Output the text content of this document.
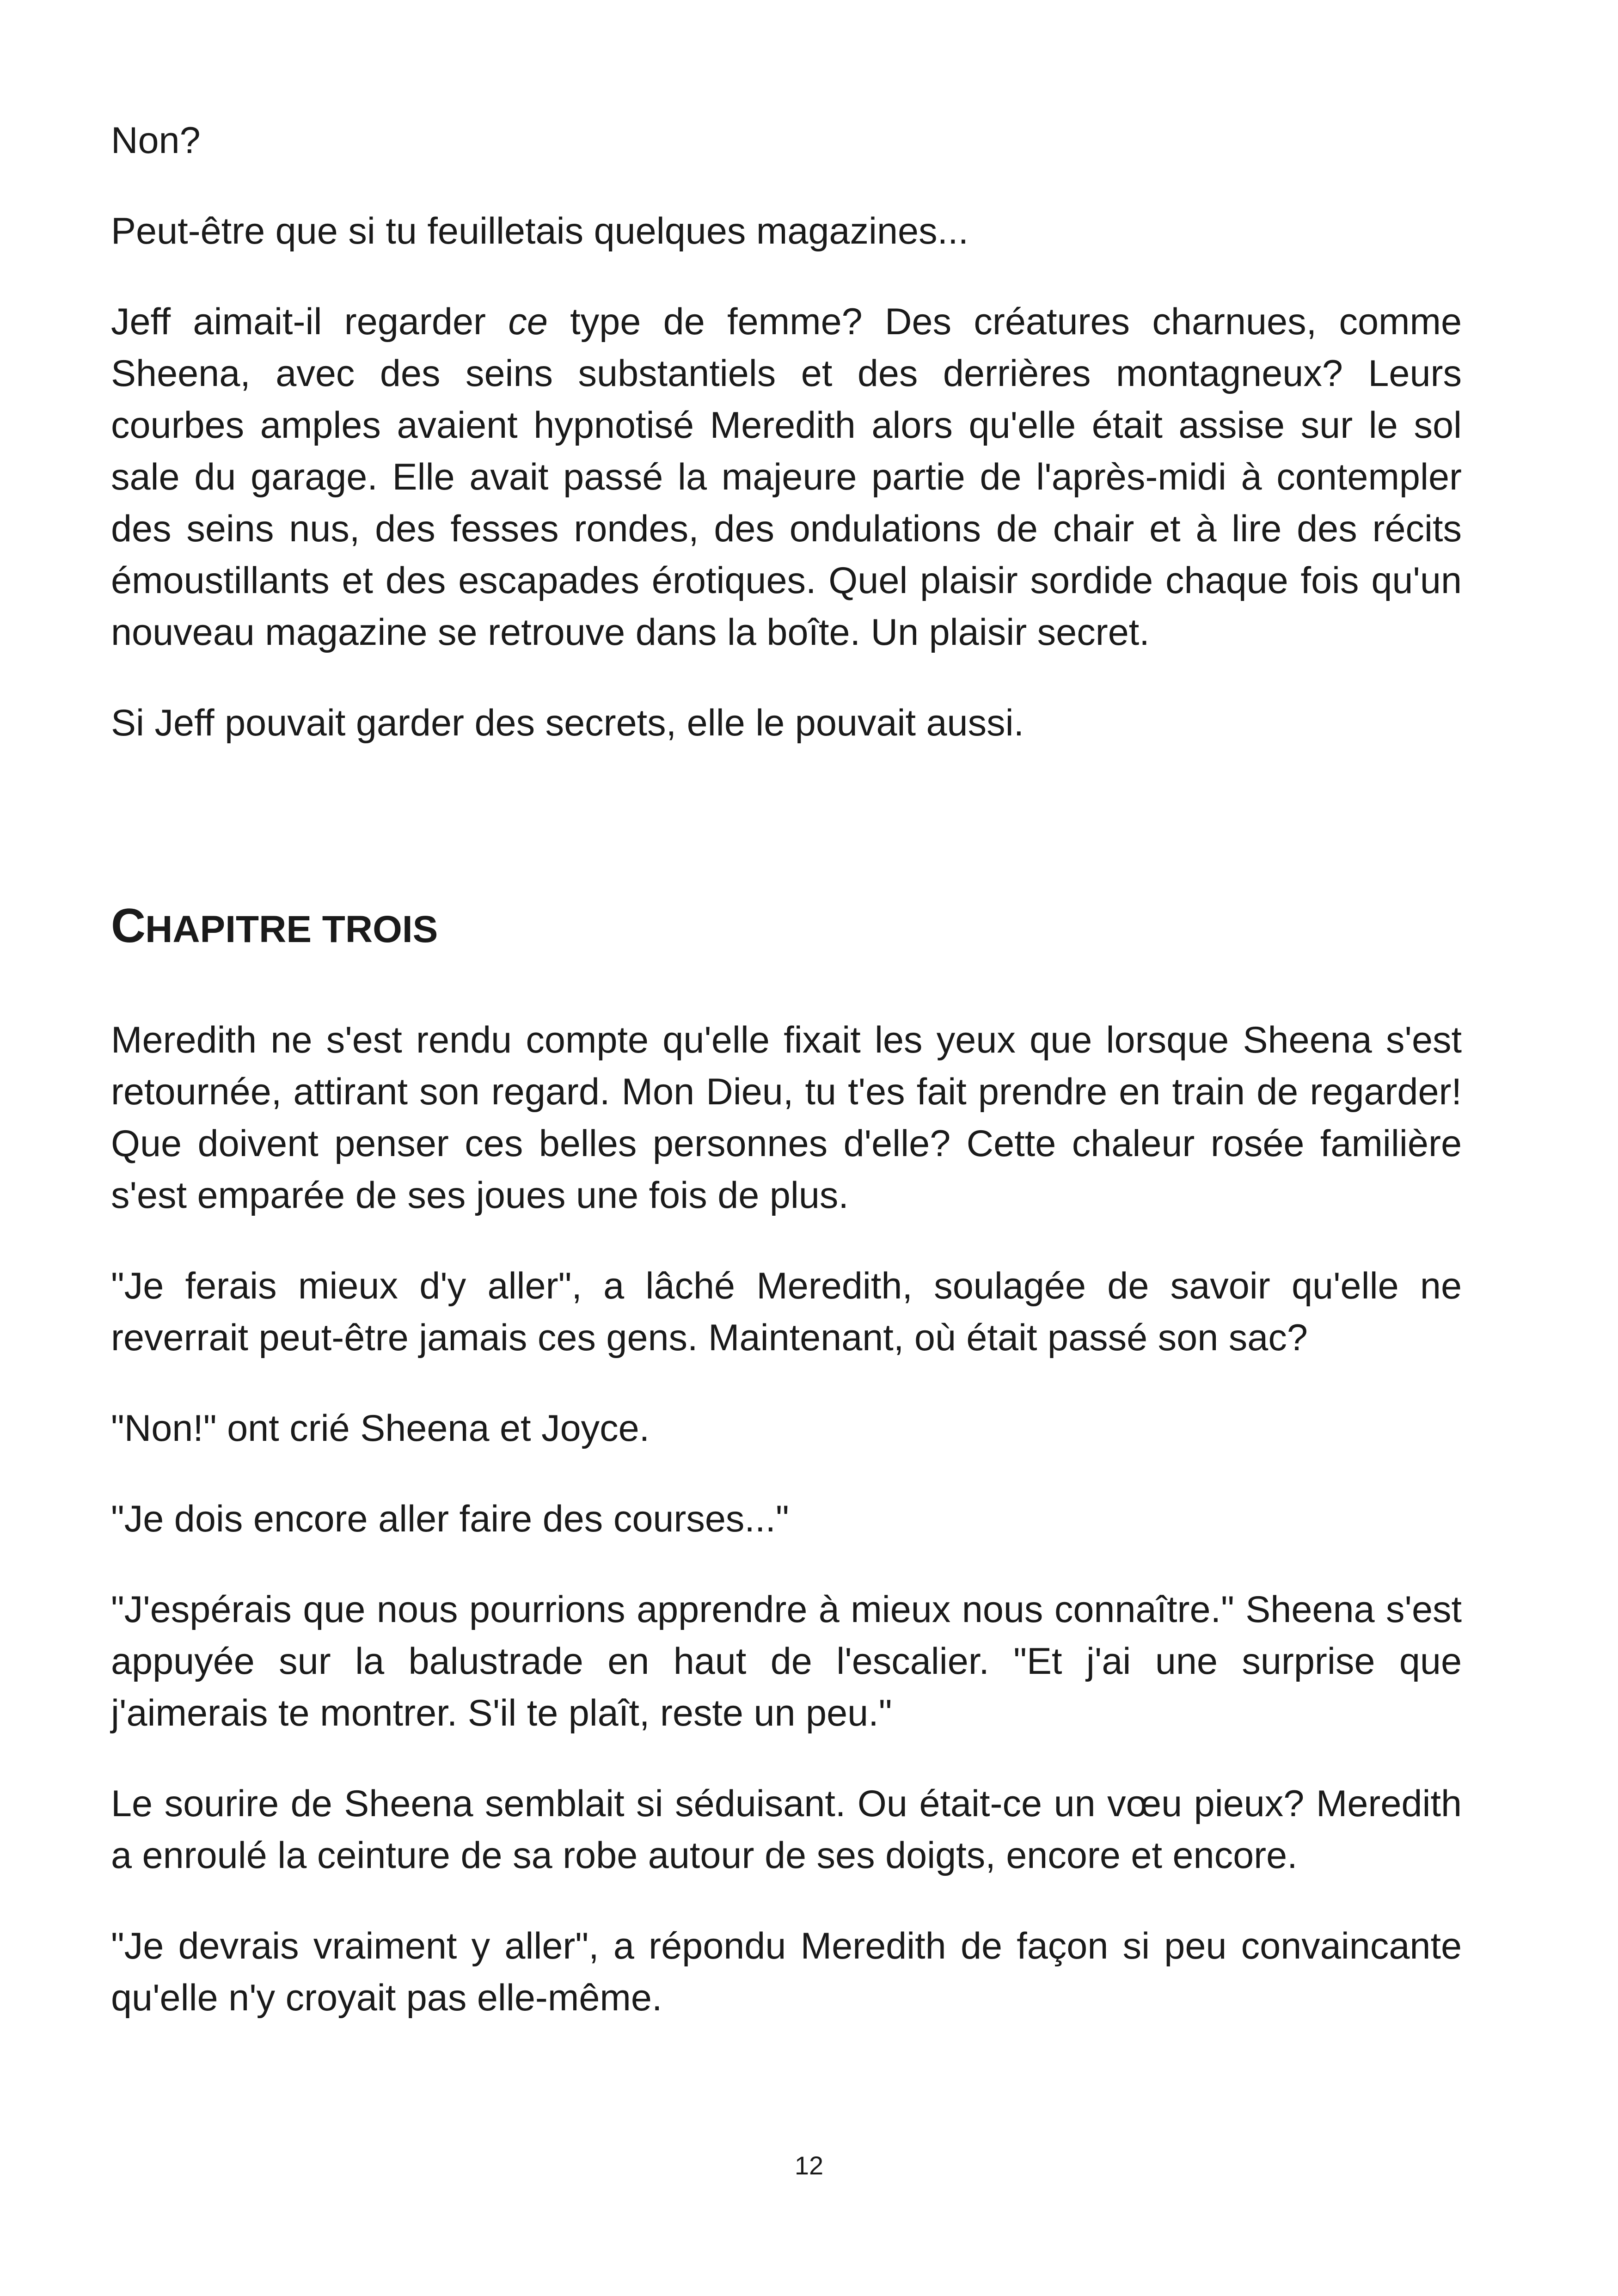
Non?

Peut-être que si tu feuilletais quelques magazines...

Jeff aimait-il regarder ce type de femme? Des créatures charnues, comme Sheena, avec des seins substantiels et des derrières montagneux? Leurs courbes amples avaient hypnotisé Meredith alors qu'elle était assise sur le sol sale du garage. Elle avait passé la majeure partie de l'après-midi à contempler des seins nus, des fesses rondes, des ondulations de chair et à lire des récits émoustillants et des escapades érotiques. Quel plaisir sordide chaque fois qu'un nouveau magazine se retrouve dans la boîte. Un plaisir secret.

Si Jeff pouvait garder des secrets, elle le pouvait aussi.

CHAPITRE TROIS

Meredith ne s'est rendu compte qu'elle fixait les yeux que lorsque Sheena s'est retournée, attirant son regard. Mon Dieu, tu t'es fait prendre en train de regarder! Que doivent penser ces belles personnes d'elle? Cette chaleur rosée familière s'est emparée de ses joues une fois de plus.

"Je ferais mieux d'y aller", a lâché Meredith, soulagée de savoir qu'elle ne reverrait peut-être jamais ces gens. Maintenant, où était passé son sac?

"Non!" ont crié Sheena et Joyce.

"Je dois encore aller faire des courses..."

"J'espérais que nous pourrions apprendre à mieux nous connaître." Sheena s'est appuyée sur la balustrade en haut de l'escalier. "Et j'ai une surprise que j'aimerais te montrer. S'il te plaît, reste un peu."

Le sourire de Sheena semblait si séduisant. Ou était-ce un vœu pieux? Meredith a enroulé la ceinture de sa robe autour de ses doigts, encore et encore.

"Je devrais vraiment y aller", a répondu Meredith de façon si peu convaincante qu'elle n'y croyait pas elle-même.

12
